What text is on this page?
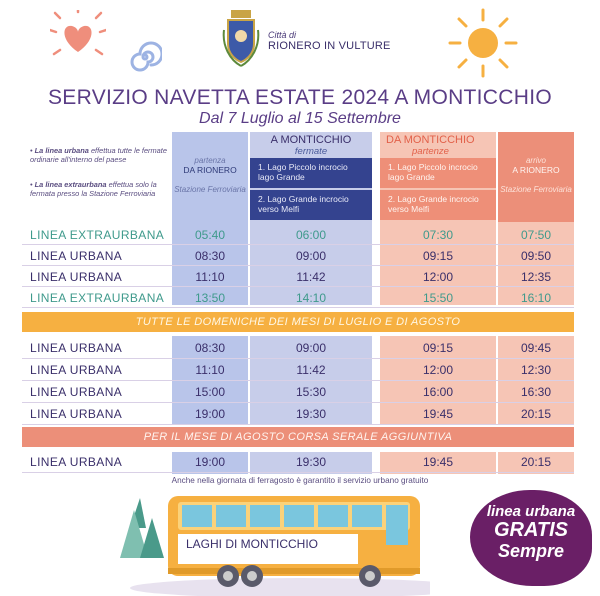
Città di
RIONERO IN VULTURE
SERVIZIO NAVETTA ESTATE 2024 A MONTICCHIO
Dal 7 Luglio al 15 Settembre
• La linea urbana effettua tutte le fermate ordinarie all'interno del paese
• La linea extraurbana effettua solo la fermata presso la Stazione Ferroviaria
partenza
DA RIONERO
Stazione Ferroviaria
A MONTICCHIO
fermate
1. Lago Piccolo incrocio lago Grande
2. Lago Grande incrocio verso Melfi
DA MONTICCHIO
partenze
1. Lago Piccolo incrocio lago Grande
2. Lago Grande incrocio verso Melfi
arrivo
A RIONERO
Stazione Ferroviaria
LINEA EXTRAURBANA	05:40	06:00	07:30	07:50
LINEA URBANA	08:30	09:00	09:15	09:50
LINEA URBANA	11:10	11:42	12:00	12:35
LINEA EXTRAURBANA	13:50	14:10	15:50	16:10
TUTTE LE DOMENICHE DEI MESI DI LUGLIO E DI AGOSTO
LINEA URBANA	08:30	09:00	09:15	09:45
LINEA URBANA	11:10	11:42	12:00	12:30
LINEA URBANA	15:00	15:30	16:00	16:30
LINEA URBANA	19:00	19:30	19:45	20:15
PER IL MESE DI AGOSTO CORSA SERALE AGGIUNTIVA
LINEA URBANA	19:00	19:30	19:45	20:15
Anche nella giornata di ferragosto è garantito il servizio urbano gratuito
LAGHI DI MONTICCHIO
linea urbana
GRATIS
Sempre
